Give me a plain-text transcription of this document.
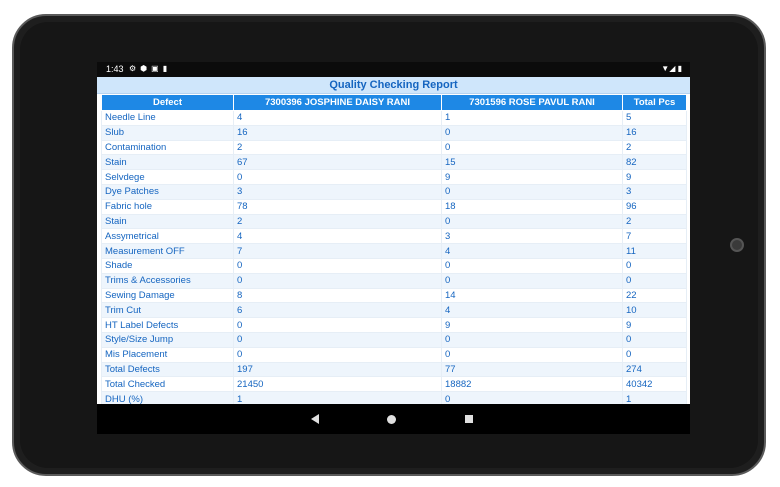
1:43 ⚙⬢▣▮	▼◢ ▮
Quality Checking Report
Defect	7300396 JOSPHINE DAISY RANI	7301596 ROSE PAVUL RANI	Total Pcs
Needle Line	4	1	5
Slub	16	0	16
Contamination	2	0	2
Stain	67	15	82
Selvdege	0	9	9
Dye Patches	3	0	3
Fabric hole	78	18	96
Stain	2	0	2
Assymetrical	4	3	7
Measurement OFF	7	4	11
Shade	0	0	0
Trims & Accessories	0	0	0
Sewing Damage	8	14	22
Trim Cut	6	4	10
HT Label Defects	0	9	9
Style/Size Jump	0	0	0
Mis Placement	0	0	0
Total Defects	197	77	274
Total Checked	21450	18882	40342
DHU (%)	1	0	1
